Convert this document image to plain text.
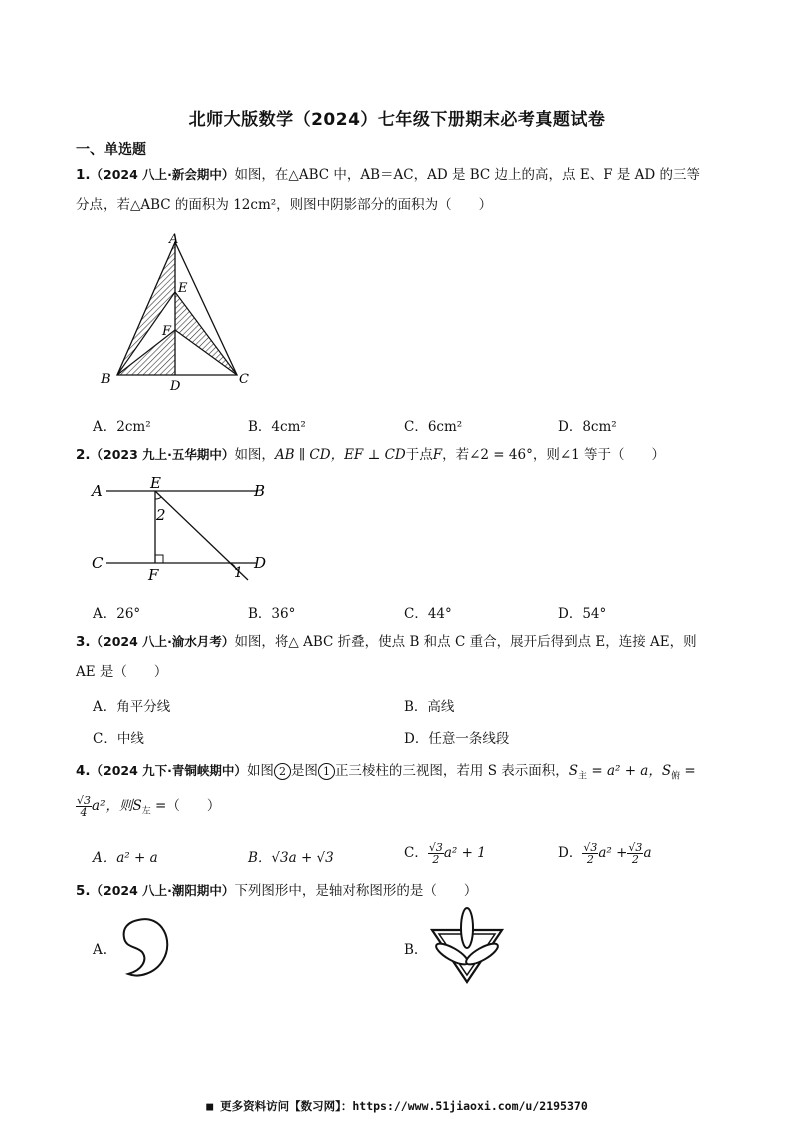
北师大版数学（2024）七年级下册期末必考真题试卷
一、单选题
1.（2024 八上·新会期中）如图，在△ABC 中，AB＝AC，AD 是 BC 边上的高，点 E、F 是 AD 的三等
分点，若△ABC 的面积为 12cm²，则图中阴影部分的面积为（　　）
A
E
F
B	D	C
A．2cm²	B．4cm²	C．6cm²	D．8cm²
2.（2023 九上·五华期中）如图，AB ∥ CD，EF ⊥ CD于点F，若∠2 = 46°，则∠1 等于（　　）
A	E	B
2
C
F
D
1
A．26°	B．36°	C．44°	D．54°
3.（2024 八上·渝水月考）如图，将△ ABC 折叠，使点 B 和点 C 重合，展开后得到点 E，连接 AE，则
AE 是（　　）
A．角平分线	B．高线
C．中线	D．任意一条线段
4.（2024 九下·青铜峡期中）如图 2 是图 1 正三棱柱的三视图，若用 S 表示面积，$S_主 = a^2 + a$，$S_俯$ =
$\frac{√3}{4} a^2$，则$S_左$ =（　　）
A．a² + a	B．√3a + √3	C． $\frac{√3}{2} a^2 + 1$	D． $\frac{√3}{2} a^2 + \frac{√3}{2}$ a
5.（2024 八上·潮阳期中）下列图形中，是轴对称图形的是（　　）
A.	B.
■ 更多资料访问【数习网】：https://www.51jiaoxi.com/u/2195370
